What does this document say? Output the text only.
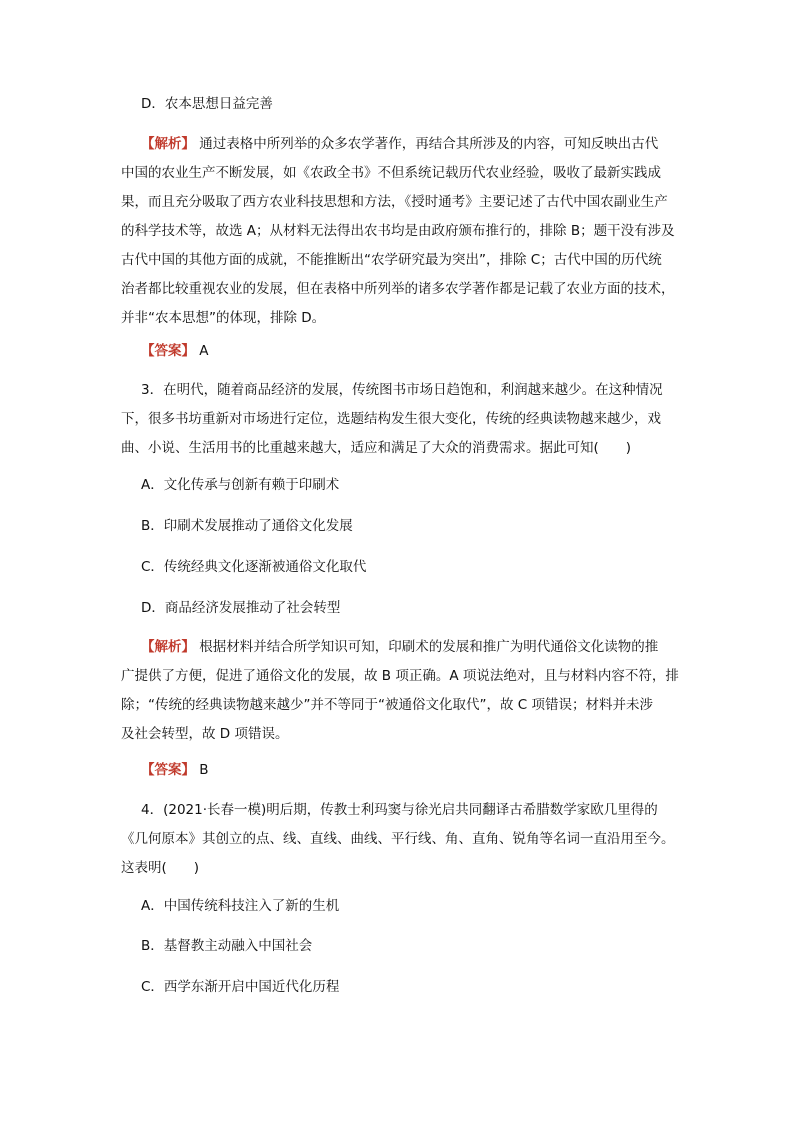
D．农本思想日益完善
【解析】 通过表格中所列举的众多农学著作，再结合其所涉及的内容，可知反映出古代
中国的农业生产不断发展，如《农政全书》不但系统记载历代农业经验，吸收了最新实践成
果，而且充分吸取了西方农业科技思想和方法，《授时通考》主要记述了古代中国农副业生产
的科学技术等，故选 A；从材料无法得出农书均是由政府颁布推行的，排除 B；题干没有涉及
古代中国的其他方面的成就，不能推断出“农学研究最为突出”，排除 C；古代中国的历代统
治者都比较重视农业的发展，但在表格中所列举的诸多农学著作都是记载了农业方面的技术，
并非“农本思想”的体现，排除 D。
【答案】 A
3．在明代，随着商品经济的发展，传统图书市场日趋饱和，利润越来越少。在这种情况
下，很多书坊重新对市场进行定位，选题结构发生很大变化，传统的经典读物越来越少，戏
曲、小说、生活用书的比重越来越大，适应和满足了大众的消费需求。据此可知(　　)
A．文化传承与创新有赖于印刷术
B．印刷术发展推动了通俗文化发展
C．传统经典文化逐渐被通俗文化取代
D．商品经济发展推动了社会转型
【解析】 根据材料并结合所学知识可知，印刷术的发展和推广为明代通俗文化读物的推
广提供了方便，促进了通俗文化的发展，故 B 项正确。A 项说法绝对，且与材料内容不符，排
除；“传统的经典读物越来越少”并不等同于“被通俗文化取代”，故 C 项错误；材料并未涉
及社会转型，故 D 项错误。
【答案】 B
4．(2021·长春一模)明后期，传教士利玛窦与徐光启共同翻译古希腊数学家欧几里得的
《几何原本》其创立的点、线、直线、曲线、平行线、角、直角、锐角等名词一直沿用至今。
这表明(　　)
A．中国传统科技注入了新的生机
B．基督教主动融入中国社会
C．西学东渐开启中国近代化历程
